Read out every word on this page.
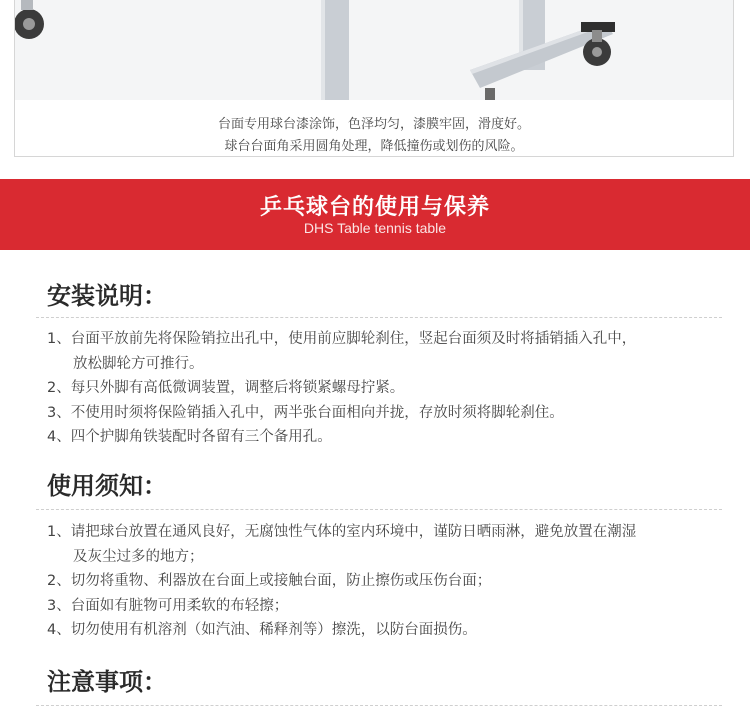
台面专用球台漆涂饰，色泽均匀，漆膜牢固，滑度好。
球台台面角采用圆角处理，降低撞伤或划伤的风险。
乒乓球台的使用与保养
DHS Table tennis table
安装说明：
1、台面平放前先将保险销拉出孔中，使用前应脚轮刹住，竖起台面须及时将插销插入孔中，
放松脚轮方可推行。
2、每只外脚有高低微调装置，调整后将锁紧螺母拧紧。
3、不使用时须将保险销插入孔中，两半张台面相向并拢，存放时须将脚轮刹住。
4、四个护脚角铁装配时各留有三个备用孔。
使用须知：
1、请把球台放置在通风良好，无腐蚀性气体的室内环境中，谨防日晒雨淋，避免放置在潮湿
及灰尘过多的地方；
2、切勿将重物、利器放在台面上或接触台面，防止擦伤或压伤台面；
3、台面如有脏物可用柔软的布轻擦；
4、切勿使用有机溶剂（如汽油、稀释剂等）擦洗，以防台面损伤。
注意事项：
